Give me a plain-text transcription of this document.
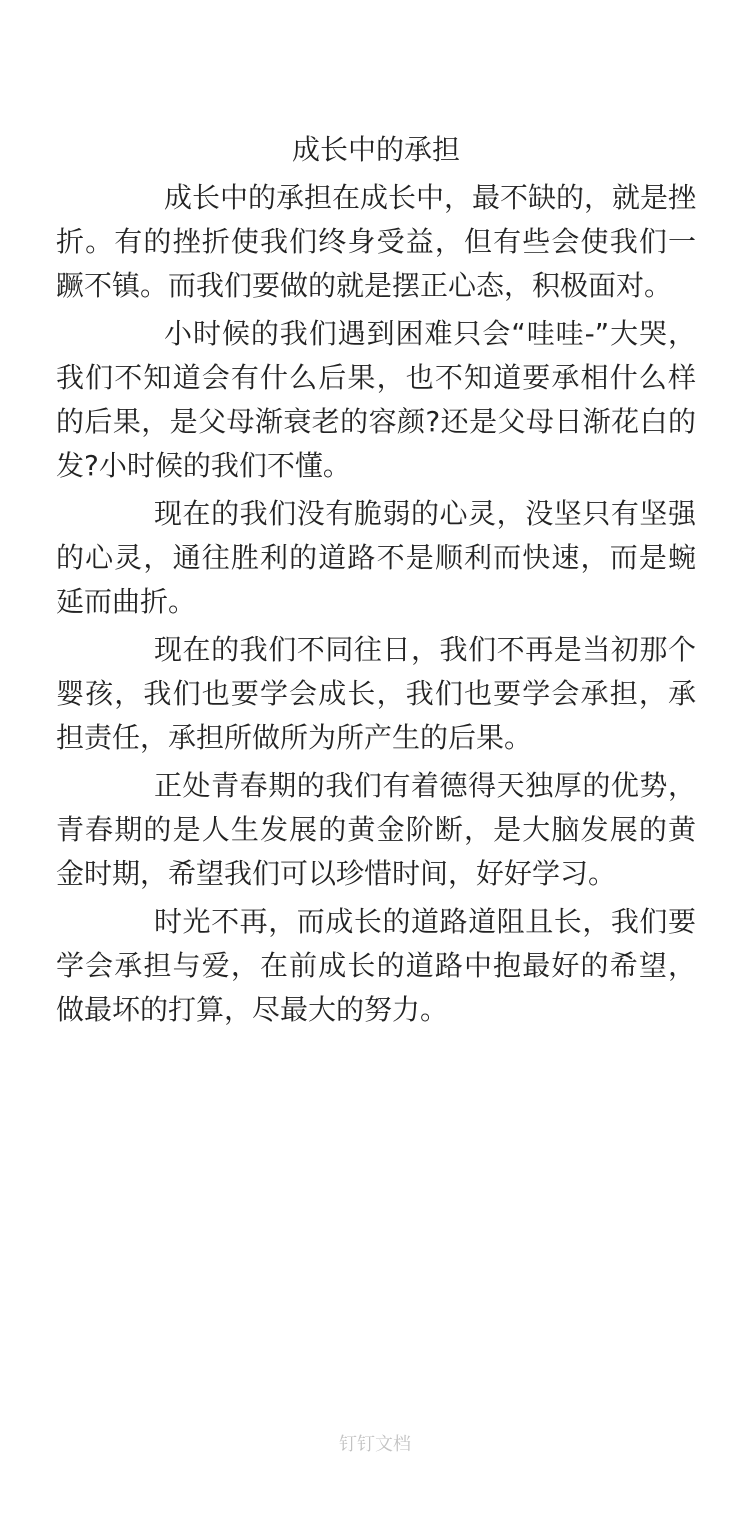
成长中的承担

成长中的承担在成长中，最不缺的，就是挫折。有的挫折使我们终身受益，但有些会使我们一蹶不镇。而我们要做的就是摆正心态，积极面对。

小时候的我们遇到困难只会“哇哇-”大哭，我们不知道会有什么后果，也不知道要承相什么样的后果，是父母渐衰老的容颜?还是父母日渐花白的发?小时候的我们不懂。

现在的我们没有脆弱的心灵，没坚只有坚强的心灵，通往胜利的道路不是顺利而快速，而是蜿延而曲折。

现在的我们不同往日，我们不再是当初那个婴孩，我们也要学会成长，我们也要学会承担，承担责任，承担所做所为所产生的后果。

正处青春期的我们有着德得天独厚的优势，青春期的是人生发展的黄金阶断，是大脑发展的黄金时期，希望我们可以珍惜时间，好好学习。

时光不再，而成长的道路道阻且长，我们要学会承担与爱，在前成长的道路中抱最好的希望，做最坏的打算，尽最大的努力。

钉钉文档
